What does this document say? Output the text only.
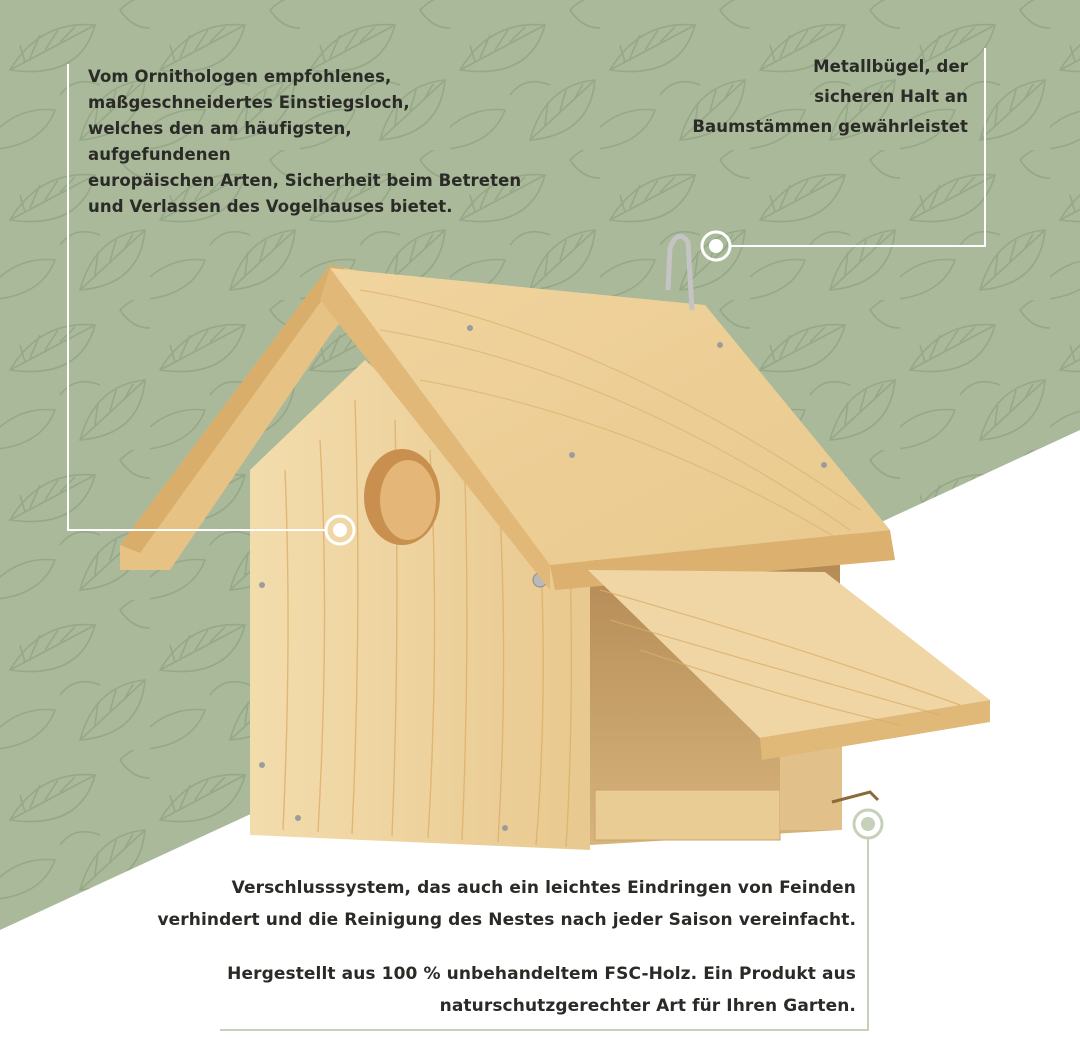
Vom Ornithologen empfohlenes,
maßgeschneidertes Einstiegsloch,
welches den am häufigsten,
aufgefundenen
europäischen Arten, Sicherheit beim Betreten
und Verlassen des Vogelhauses bietet.

Metallbügel, der
sicheren Halt an
Baumstämmen gewährleistet

Verschlusssystem, das auch ein leichtes Eindringen von Feinden
verhindert und die Reinigung des Nestes nach jeder Saison vereinfacht.

Hergestellt aus 100 % unbehandeltem FSC-Holz. Ein Produkt aus
naturschutzgerechter Art für Ihren Garten.
